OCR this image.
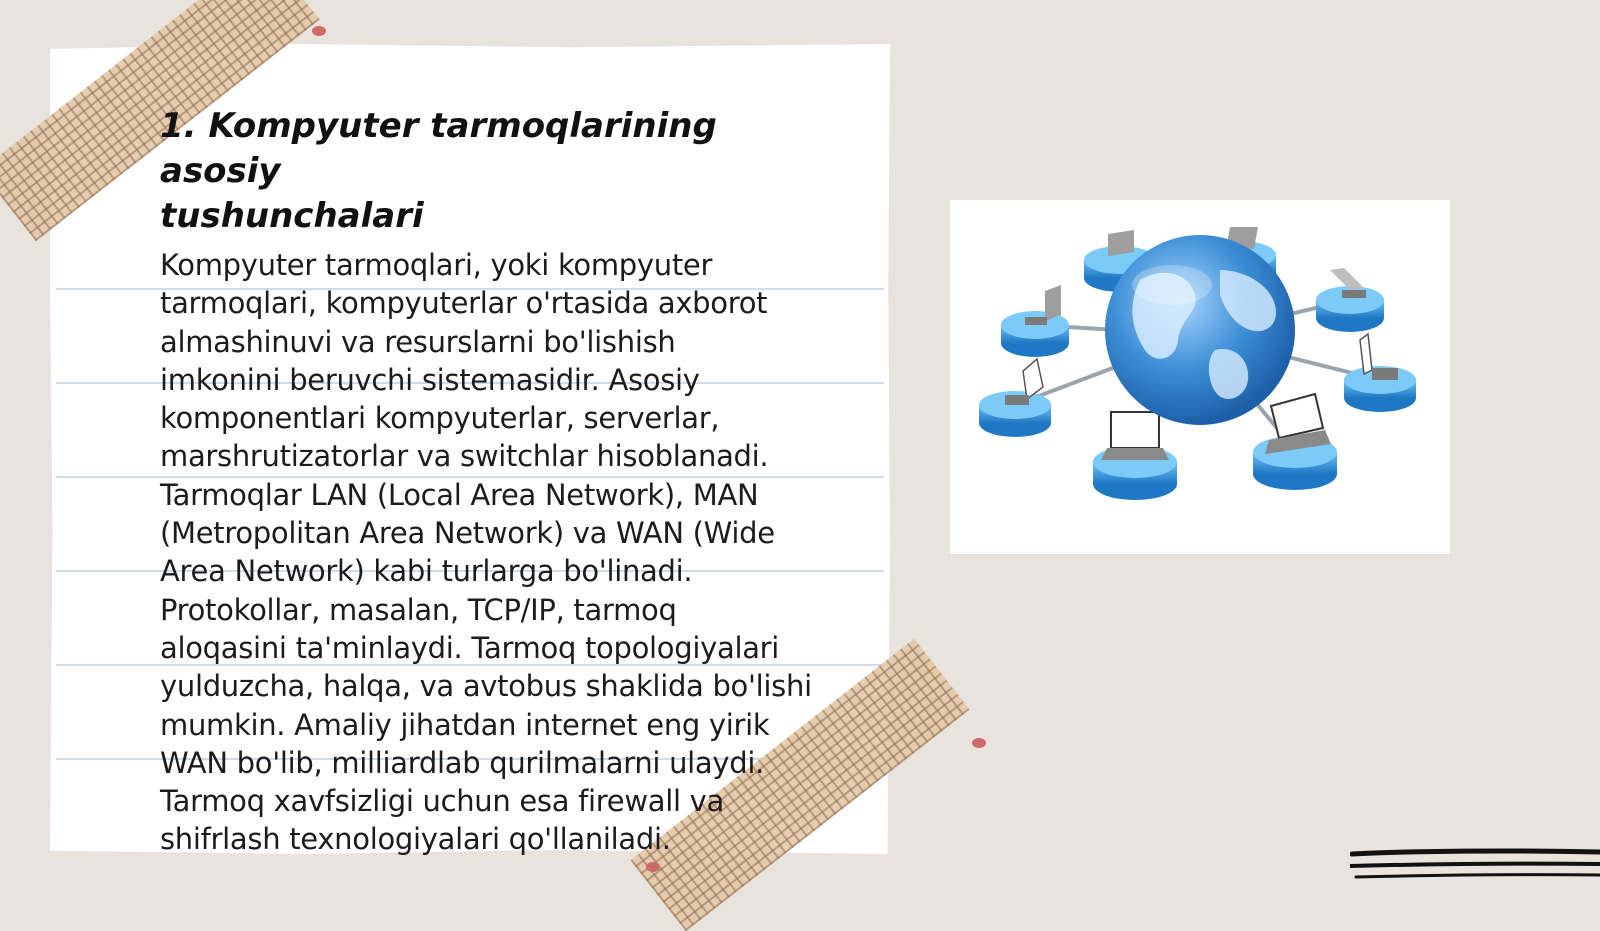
1. Kompyuter tarmoqlarining asosiy
tushunchalari

Kompyuter tarmoqlari, yoki kompyuter
tarmoqlari, kompyuterlar o'rtasida axborot
almashinuvi va resurslarni bo'lishish
imkonini beruvchi sistemasidir. Asosiy
komponentlari kompyuterlar, serverlar,
marshrutizatorlar va switchlar hisoblanadi.
Tarmoqlar LAN (Local Area Network), MAN
(Metropolitan Area Network) va WAN (Wide
Area Network) kabi turlarga bo'linadi.
Protokollar, masalan, TCP/IP, tarmoq
aloqasini ta'minlaydi. Tarmoq topologiyalari
yulduzcha, halqa, va avtobus shaklida bo'lishi
mumkin. Amaliy jihatdan internet eng yirik
WAN bo'lib, milliardlab qurilmalarni ulaydi.
Tarmoq xavfsizligi uchun esa firewall va
shifrlash texnologiyalari qo'llaniladi.
